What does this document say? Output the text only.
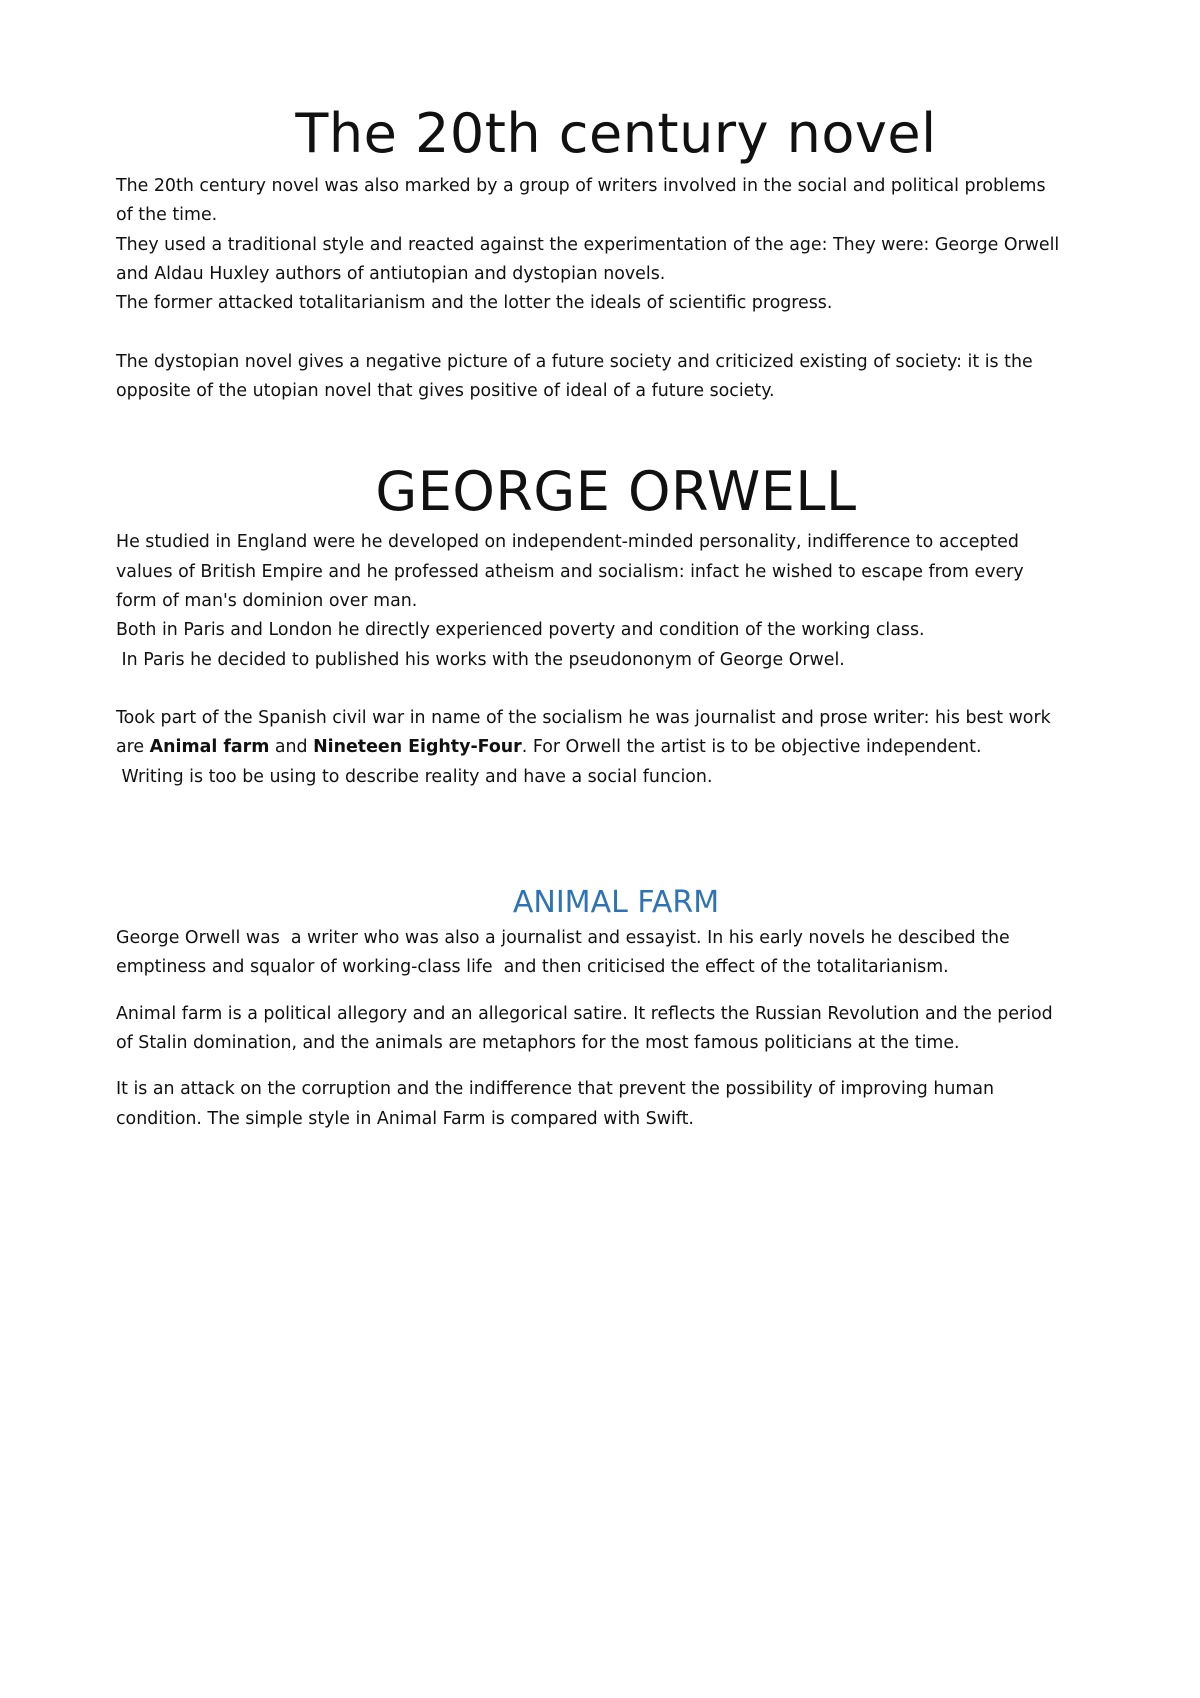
The 20th century novel

The 20th century novel was also marked by a group of writers involved in the social and political problems

of the time.

They used a traditional style and reacted against the experimentation of the age: They were: George Orwell

and Aldau Huxley authors of antiutopian and dystopian novels.

The former attacked totalitarianism and the lotter the ideals of scientific progress.

The dystopian novel gives a negative picture of a future society and criticized existing of society: it is the

opposite of the utopian novel that gives positive of ideal of a future society.

GEORGE ORWELL

He studied in England were he developed on independent-minded personality, indifference to accepted

values of British Empire and he professed atheism and socialism: infact he wished to escape from every

form of man's dominion over man.

Both in Paris and London he directly experienced poverty and condition of the working class.

In Paris he decided to published his works with the pseudononym of George Orwel.

Took part of the Spanish civil war in name of the socialism he was journalist and prose writer: his best work

are Animal farm and Nineteen Eighty-Four. For Orwell the artist is to be objective independent.

Writing is too be using to describe reality and have a social funcion.

ANIMAL FARM

George Orwell was  a writer who was also a journalist and essayist. In his early novels he descibed the

emptiness and squalor of working-class life  and then criticised the effect of the totalitarianism.

Animal farm is a political allegory and an allegorical satire. It reflects the Russian Revolution and the period

of Stalin domination, and the animals are metaphors for the most famous politicians at the time.

It is an attack on the corruption and the indifference that prevent the possibility of improving human

condition. The simple style in Animal Farm is compared with Swift.
